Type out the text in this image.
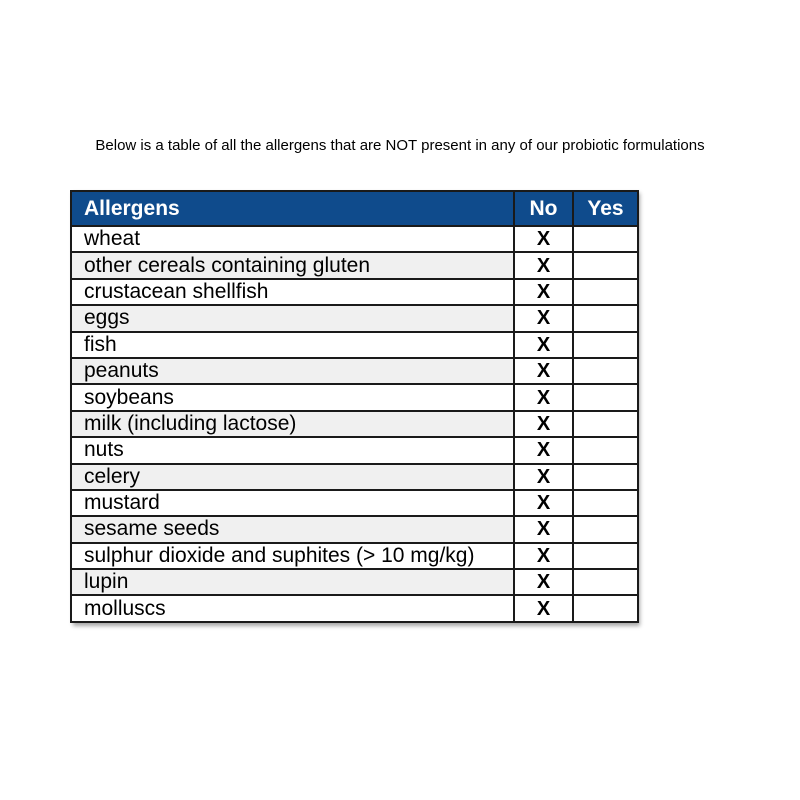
Below is a table of all the allergens that are NOT present in any of our probiotic formulations
Allergens	No	Yes
wheat	X	
other cereals containing gluten	X	
crustacean shellfish	X	
eggs	X	
fish	X	
peanuts	X	
soybeans	X	
milk (including lactose)	X	
nuts	X	
celery	X	
mustard	X	
sesame seeds	X	
sulphur dioxide and suphites (> 10 mg/kg)	X	
lupin	X	
molluscs	X	
